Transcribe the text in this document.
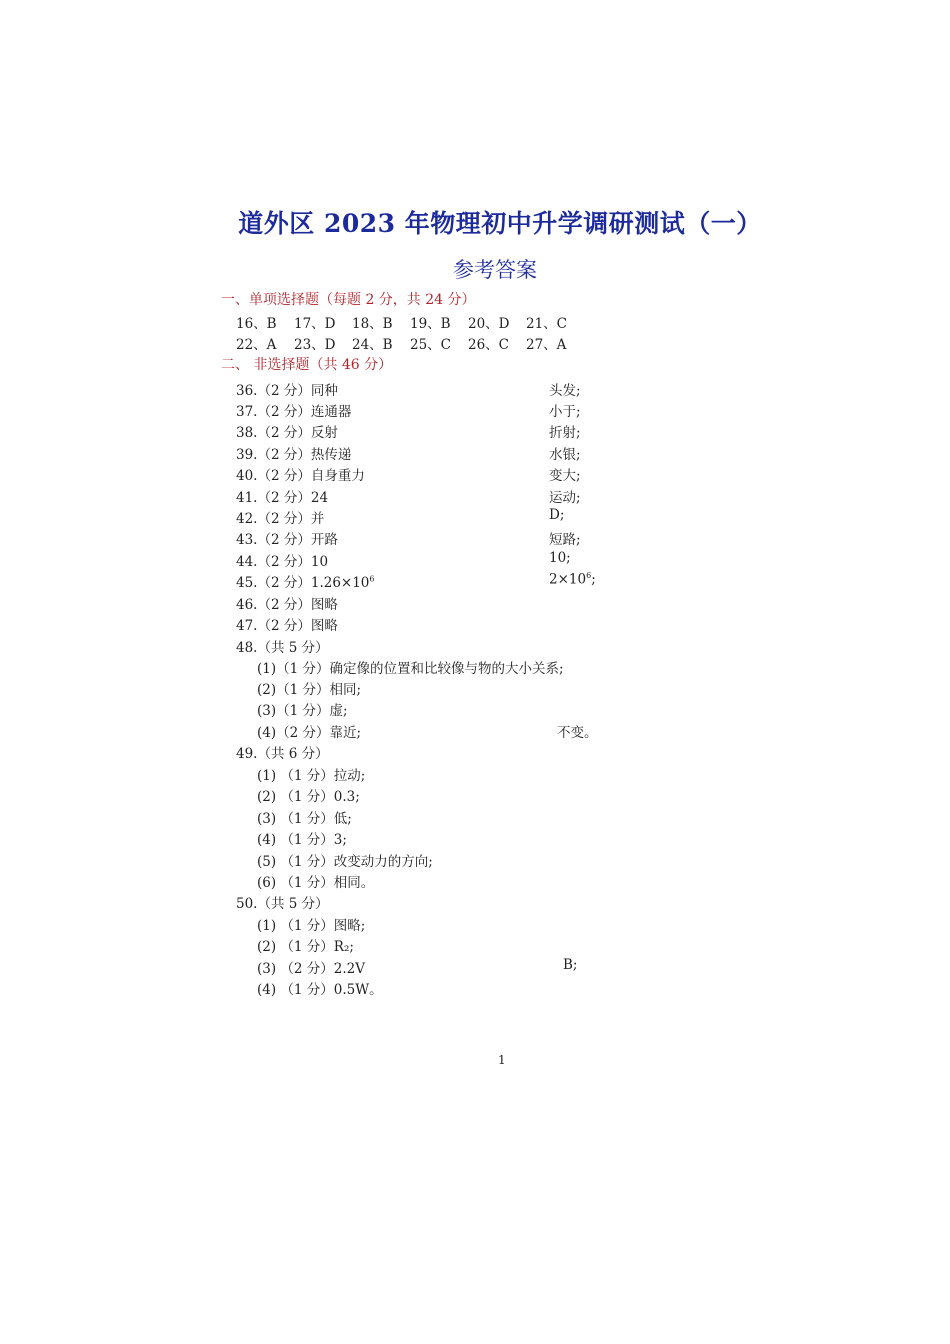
道外区 2023 年物理初中升学调研测试（一）
参考答案
一、单项选择题（每题 2 分，共 24 分）
16、B 17、D 18、B 19、B 20、D 21、C
22、A 23、D 24、B 25、C 26、C 27、A
二、 非选择题（共 46 分）
36.（2 分）同种	头发;
37.（2 分）连通器	小于;
38.（2 分）反射	折射;
39.（2 分）热传递	水银;
40.（2 分）自身重力	变大;
41.（2 分）24	运动;
42.（2 分）并	D;
43.（2 分）开路	短路;
44.（2 分）10	10;
45.（2 分）$1.26\times 10^6$	$2\times 10^6$;
46.（2 分）图略
47.（2 分）图略
48.（共 5 分）
(1)（1 分）确定像的位置和比较像与物的大小关系;
(2)（1 分）相同;
(3)（1 分）虚;
(4)（2 分）靠近;	不变。
49.（共 6 分）
(1) （1 分）拉动;
(2) （1 分）0.3;
(3) （1 分）低;
(4) （1 分）3;
(5) （1 分）改变动力的方向;
(6) （1 分）相同。
50.（共 5 分）
(1) （1 分）图略;
(2) （1 分）R₂;
(3) （2 分）2.2V	B;
(4) （1 分）0.5W。
1
